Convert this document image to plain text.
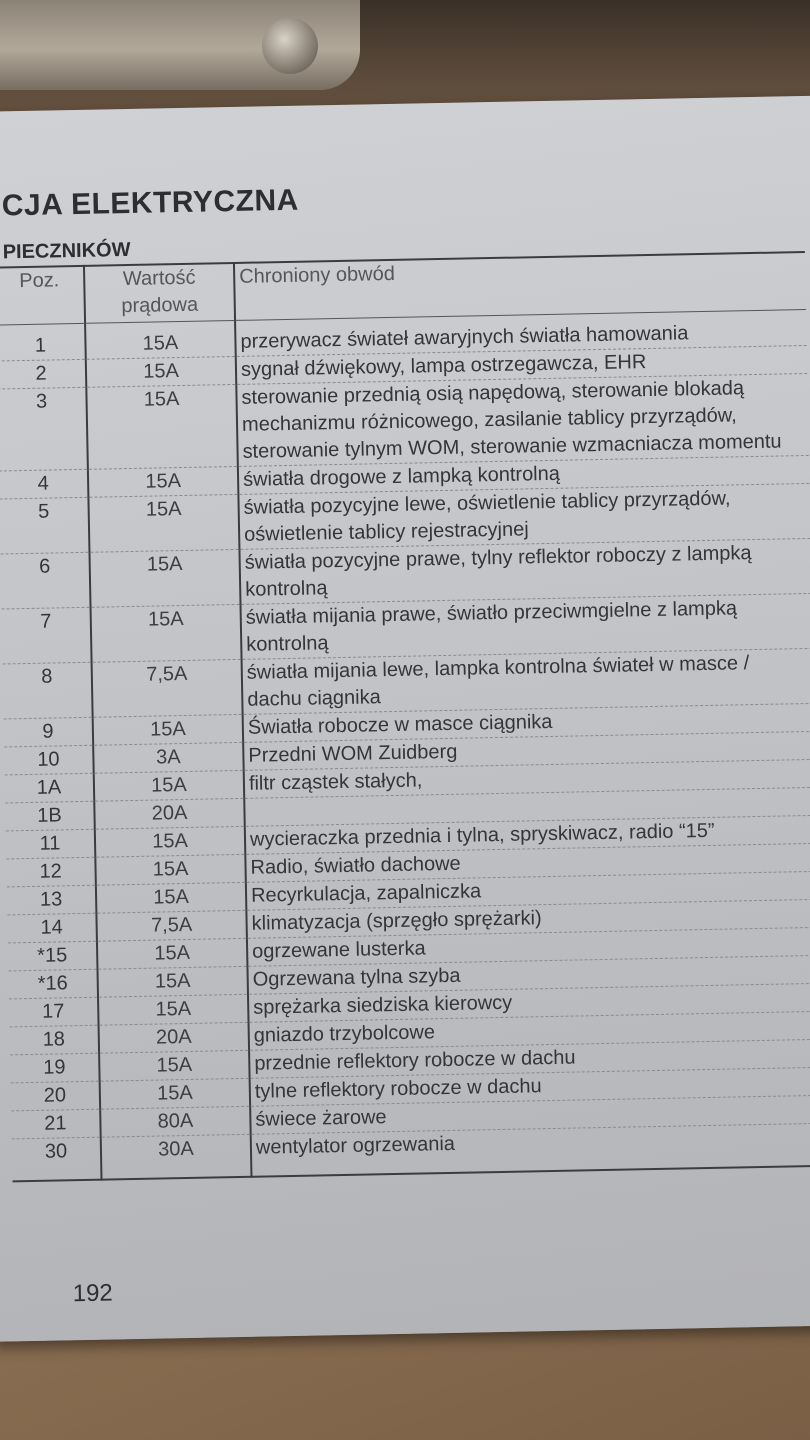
CJA ELEKTRYCZNA
PIECZNIKÓW
Poz.	Wartość prądowa	Chroniony obwód
1	15A	przerywacz świateł awaryjnych światła hamowania
2	15A	sygnał dźwiękowy, lampa ostrzegawcza, EHR
3	15A	sterowanie przednią osią napędową, sterowanie blokadą mechanizmu różnicowego, zasilanie tablicy przyrządów, sterowanie tylnym WOM, sterowanie wzmacniacza momentu
4	15A	światła drogowe z lampką kontrolną
5	15A	światła pozycyjne lewe, oświetlenie tablicy przyrządów, oświetlenie tablicy rejestracyjnej
6	15A	światła pozycyjne prawe, tylny reflektor roboczy z lampką kontrolną
7	15A	światła mijania prawe, światło przeciwmgielne z lampką kontrolną
8	7,5A	światła mijania lewe, lampka kontrolna świateł w masce / dachu ciągnika
9	15A	Światła robocze w masce ciągnika
10	3A	Przedni WOM Zuidberg
1A	15A	filtr cząstek stałych,
1B	20A	
11	15A	wycieraczka przednia i tylna, spryskiwacz, radio “15”
12	15A	Radio, światło dachowe
13	15A	Recyrkulacja, zapalniczka
14	7,5A	klimatyzacja (sprzęgło sprężarki)
*15	15A	ogrzewane lusterka
*16	15A	Ogrzewana tylna szyba
17	15A	sprężarka siedziska kierowcy
18	20A	gniazdo trzybolcowe
19	15A	przednie reflektory robocze w dachu
20	15A	tylne reflektory robocze w dachu
21	80A	świece żarowe
30	30A	wentylator ogrzewania
192
